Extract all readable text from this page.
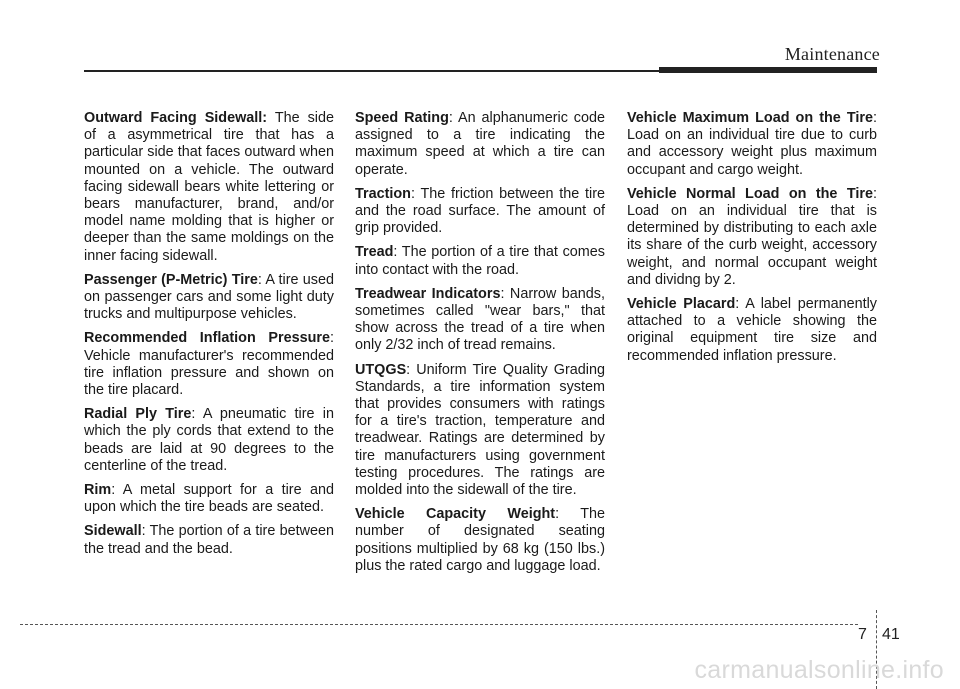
Maintenance

Outward Facing Sidewall: The side of a asymmetrical tire that has a particular side that faces outward when mounted on a vehicle. The outward facing sidewall bears white lettering or bears manufacturer, brand, and/or model name molding that is higher or deeper than the same moldings on the inner facing sidewall.

Passenger (P-Metric) Tire: A tire used on passenger cars and some light duty trucks and multipurpose vehicles.

Recommended Inflation Pressure: Vehicle manufacturer's recommended tire inflation pressure and shown on the tire placard.

Radial Ply Tire: A pneumatic tire in which the ply cords that extend to the beads are laid at 90 degrees to the centerline of the tread.

Rim: A metal support for a tire and upon which the tire beads are seated.

Sidewall: The portion of a tire between the tread and the bead.

Speed Rating: An alphanumeric code assigned to a tire indicating the maximum speed at which a tire can operate.

Traction: The friction between the tire and the road surface. The amount of grip provided.

Tread: The portion of a tire that comes into contact with the road.

Treadwear Indicators: Narrow bands, sometimes called "wear bars," that show across the tread of a tire when only 2/32 inch of tread remains.

UTQGS: Uniform Tire Quality Grading Standards, a tire information system that provides consumers with ratings for a tire's traction, temperature and treadwear. Ratings are determined by tire manufacturers using government testing procedures. The ratings are molded into the sidewall of the tire.

Vehicle Capacity Weight: The number of designated seating positions multiplied by 68 kg (150 lbs.) plus the rated cargo and luggage load.

Vehicle Maximum Load on the Tire: Load on an individual tire due to curb and accessory weight plus maximum occupant and cargo weight.

Vehicle Normal Load on the Tire: Load on an individual tire that is determined by distributing to each axle its share of the curb weight, accessory weight, and normal occupant weight and dividng by 2.

Vehicle Placard: A label permanently attached to a vehicle showing the original equipment tire size and recommended inflation pressure.

7 41
carmanualsonline.info
